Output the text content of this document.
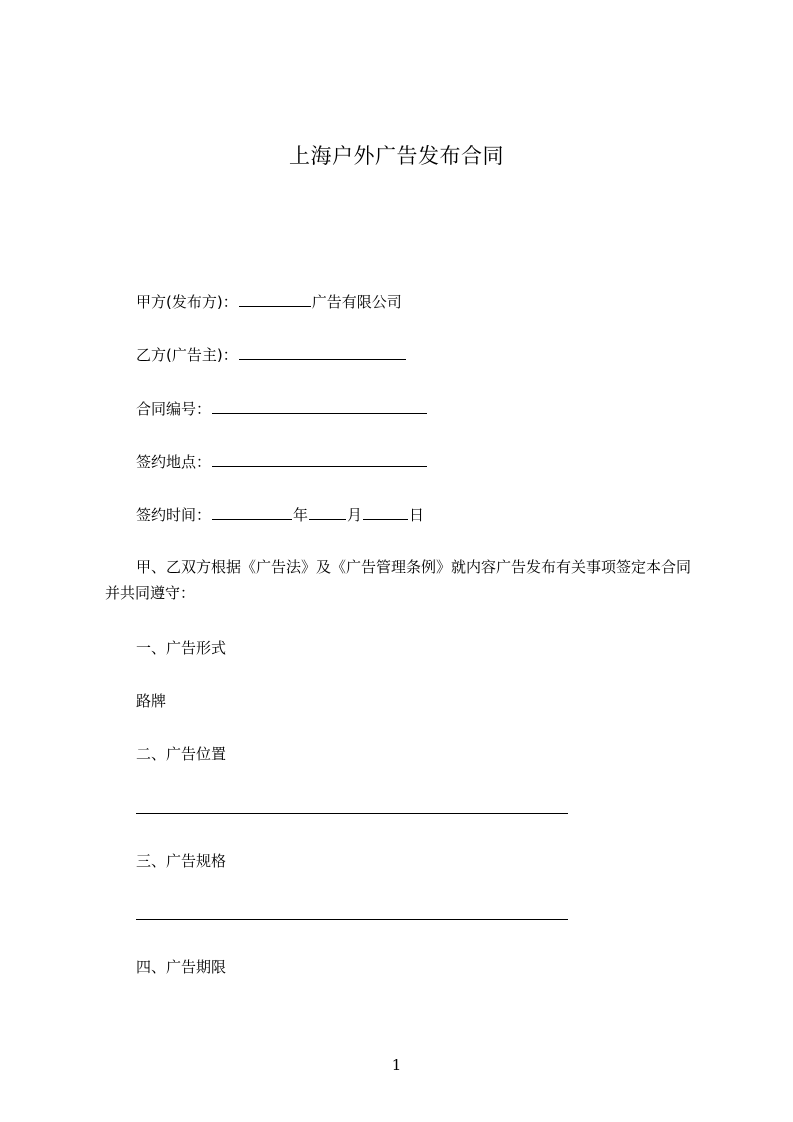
上海户外广告发布合同
甲方(发布方)：	广告有限公司
乙方(广告主)：
合同编号：
签约地点：
签约时间：	年	月	日
甲、乙双方根据《广告法》及《广告管理条例》就内容广告发布有关事项签定本合同并共同遵守：
一、广告形式
路牌
二、广告位置
三、广告规格
四、广告期限
1
